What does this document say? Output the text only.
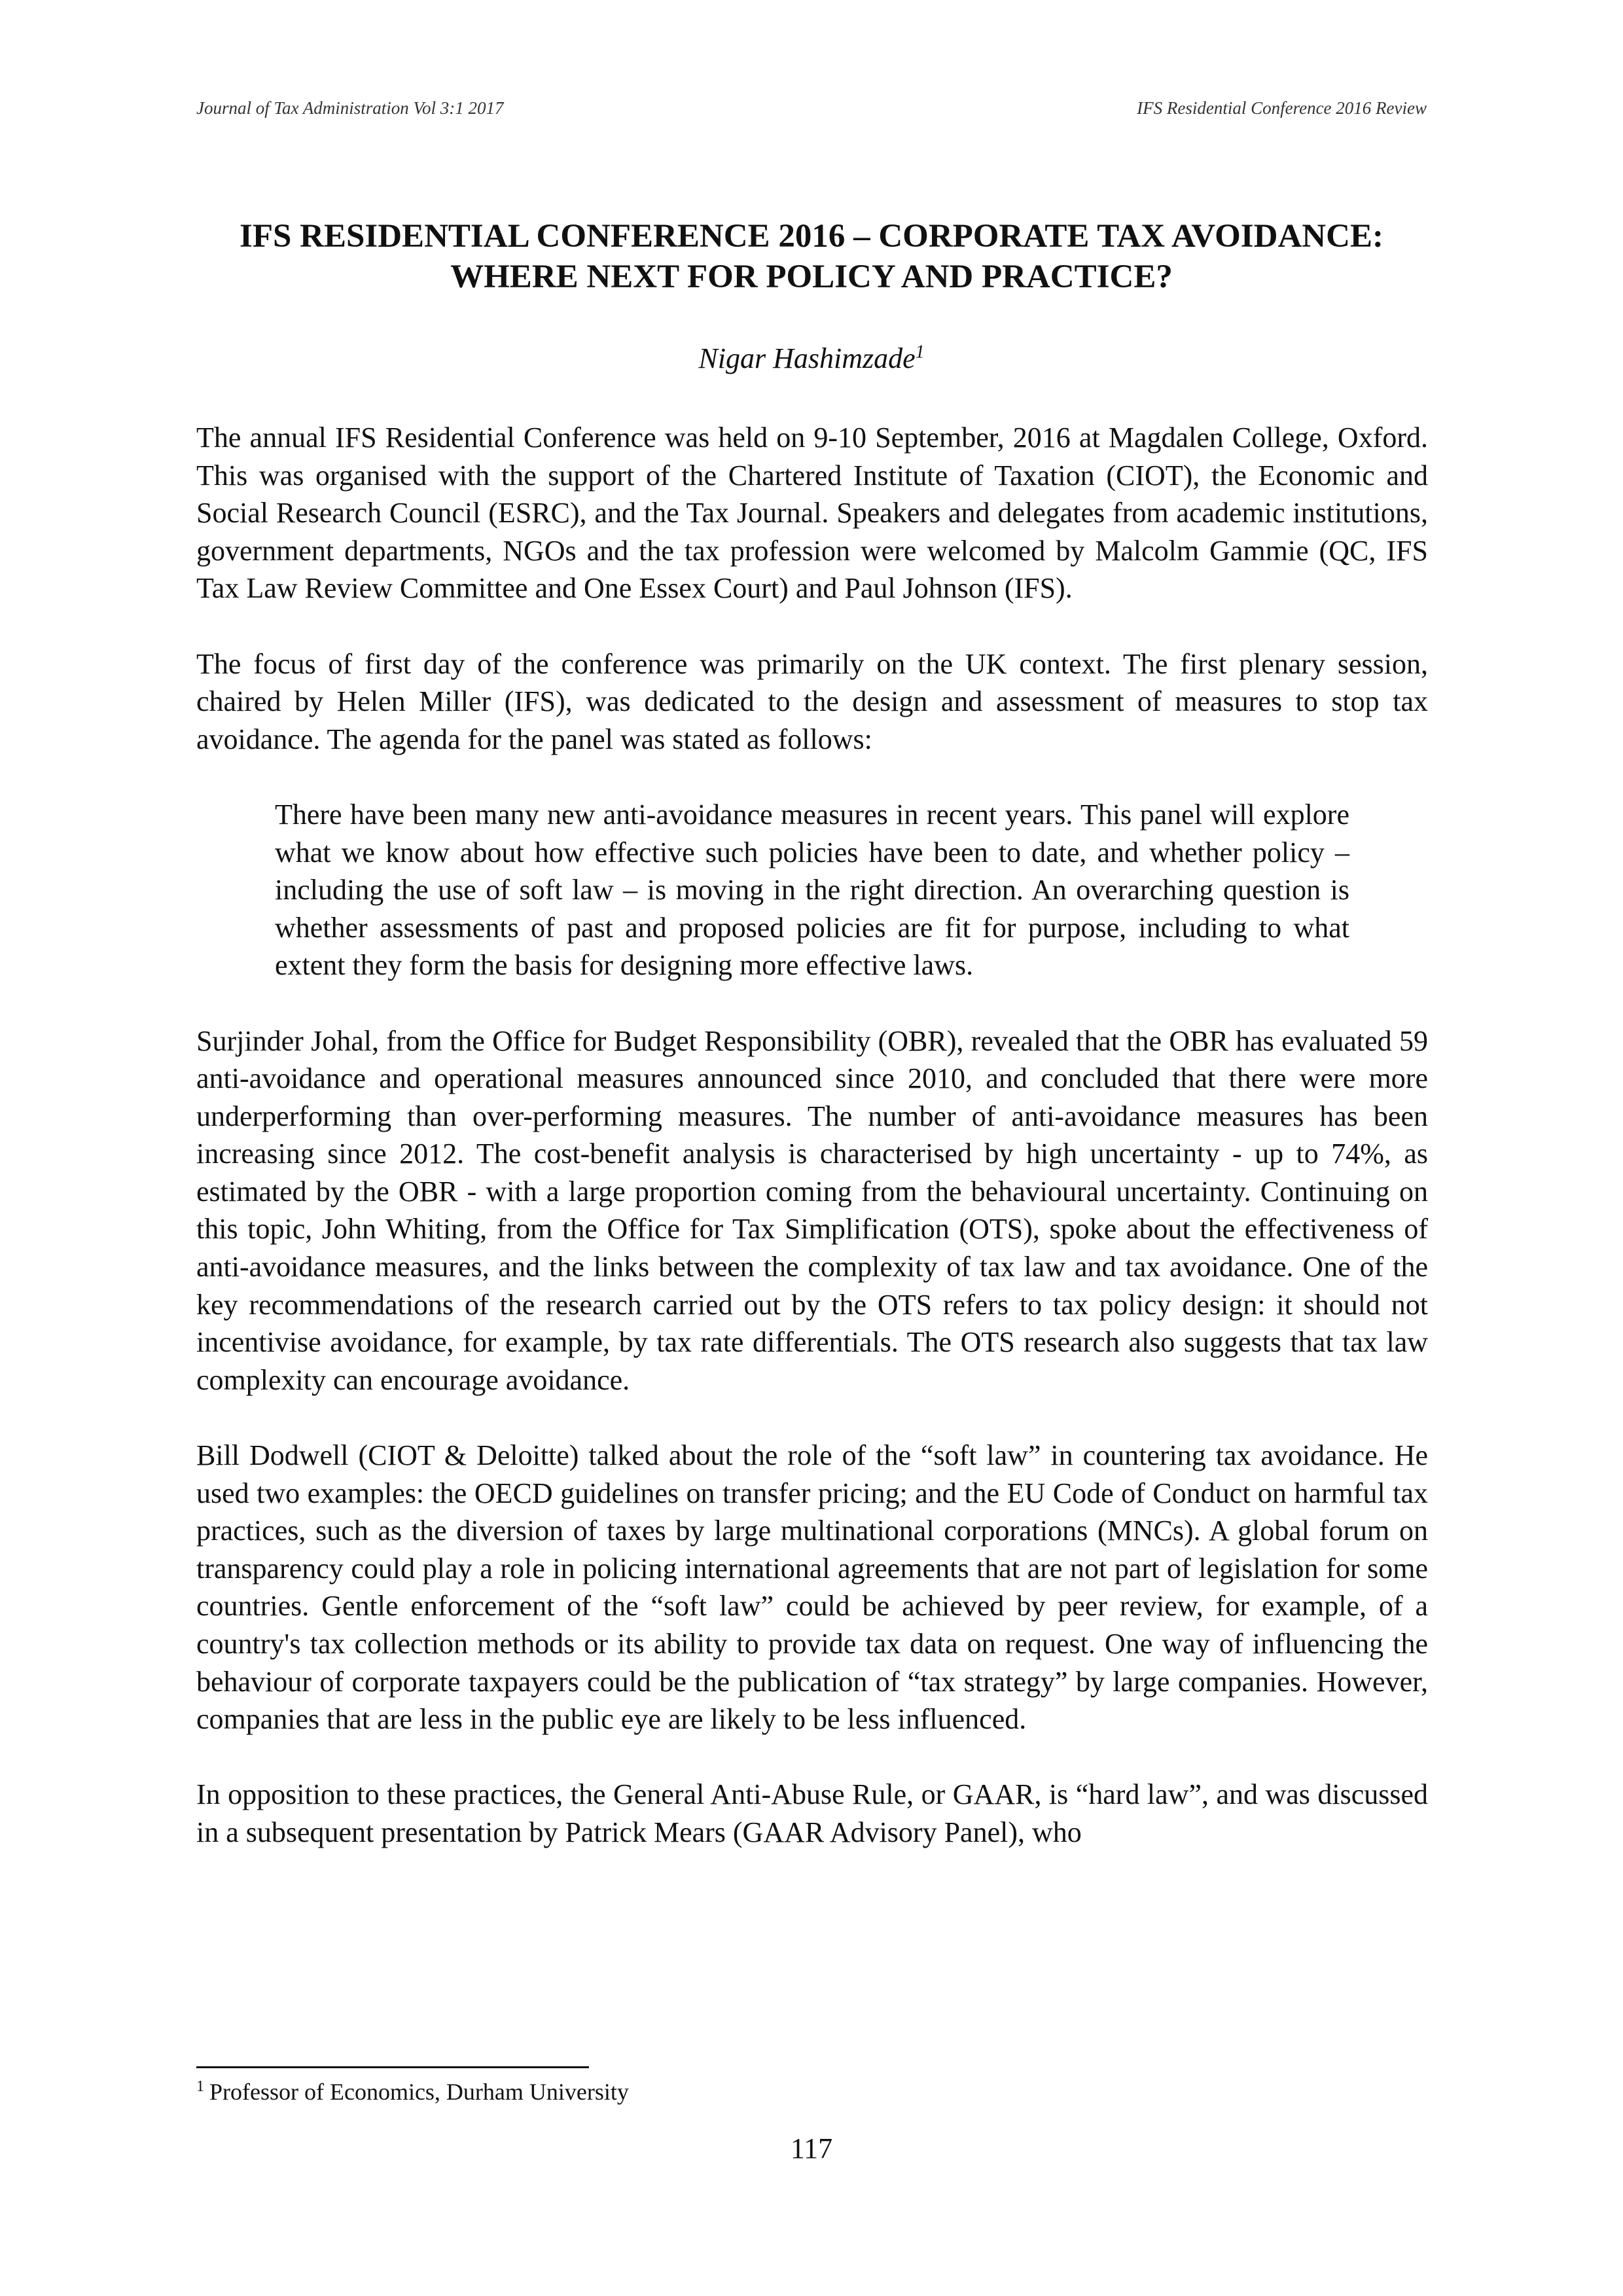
Journal of Tax Administration Vol 3:1 2017	IFS Residential Conference 2016 Review
IFS RESIDENTIAL CONFERENCE 2016 – CORPORATE TAX AVOIDANCE: WHERE NEXT FOR POLICY AND PRACTICE?
Nigar Hashimzade$^1$

The annual IFS Residential Conference was held on 9-10 September, 2016 at Magdalen College, Oxford. This was organised with the support of the Chartered Institute of Taxation (CIOT), the Economic and Social Research Council (ESRC), and the Tax Journal. Speakers and delegates from academic institutions, government departments, NGOs and the tax profession were welcomed by Malcolm Gammie (QC, IFS Tax Law Review Committee and One Essex Court) and Paul Johnson (IFS).

The focus of first day of the conference was primarily on the UK context. The first plenary session, chaired by Helen Miller (IFS), was dedicated to the design and assessment of measures to stop tax avoidance. The agenda for the panel was stated as follows:

There have been many new anti-avoidance measures in recent years. This panel will explore what we know about how effective such policies have been to date, and whether policy – including the use of soft law – is moving in the right direction. An overarching question is whether assessments of past and proposed policies are fit for purpose, including to what extent they form the basis for designing more effective laws.

Surjinder Johal, from the Office for Budget Responsibility (OBR), revealed that the OBR has evaluated 59 anti-avoidance and operational measures announced since 2010, and concluded that there were more underperforming than over-performing measures. The number of anti-avoidance measures has been increasing since 2012. The cost-benefit analysis is characterised by high uncertainty - up to 74%, as estimated by the OBR - with a large proportion coming from the behavioural uncertainty. Continuing on this topic, John Whiting, from the Office for Tax Simplification (OTS), spoke about the effectiveness of anti-avoidance measures, and the links between the complexity of tax law and tax avoidance. One of the key recommendations of the research carried out by the OTS refers to tax policy design: it should not incentivise avoidance, for example, by tax rate differentials. The OTS research also suggests that tax law complexity can encourage avoidance.

Bill Dodwell (CIOT & Deloitte) talked about the role of the “soft law” in countering tax avoidance. He used two examples: the OECD guidelines on transfer pricing; and the EU Code of Conduct on harmful tax practices, such as the diversion of taxes by large multinational corporations (MNCs). A global forum on transparency could play a role in policing international agreements that are not part of legislation for some countries. Gentle enforcement of the “soft law” could be achieved by peer review, for example, of a country's tax collection methods or its ability to provide tax data on request. One way of influencing the behaviour of corporate taxpayers could be the publication of “tax strategy” by large companies. However, companies that are less in the public eye are likely to be less influenced.

In opposition to these practices, the General Anti-Abuse Rule, or GAAR, is “hard law”, and was discussed in a subsequent presentation by Patrick Mears (GAAR Advisory Panel), who

$^1$ Professor of Economics, Durham University
117
